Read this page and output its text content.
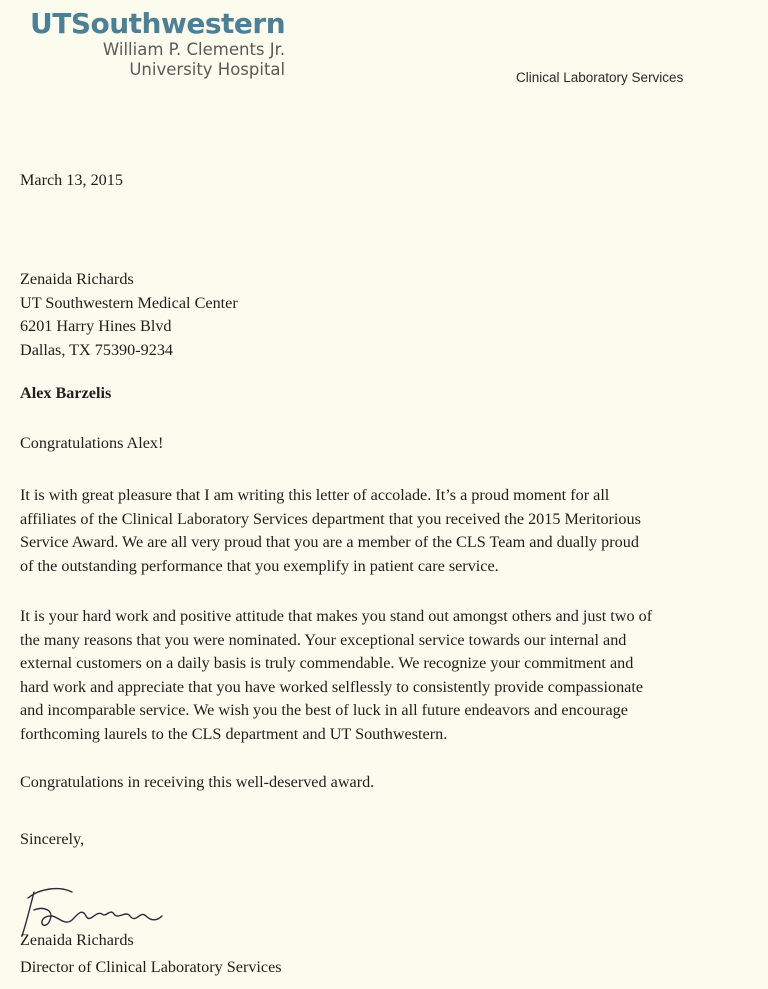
UTSouthwestern
William P. Clements Jr.
University Hospital	Clinical Laboratory Services
March 13, 2015
Zenaida Richards
UT Southwestern Medical Center
6201 Harry Hines Blvd
Dallas, TX 75390-9234
Alex Barzelis
Congratulations Alex!
It is with great pleasure that I am writing this letter of accolade. It’s a proud moment for all
affiliates of the Clinical Laboratory Services department that you received the 2015 Meritorious
Service Award. We are all very proud that you are a member of the CLS Team and dually proud
of the outstanding performance that you exemplify in patient care service.
It is your hard work and positive attitude that makes you stand out amongst others and just two of
the many reasons that you were nominated. Your exceptional service towards our internal and
external customers on a daily basis is truly commendable. We recognize your commitment and
hard work and appreciate that you have worked selflessly to consistently provide compassionate
and incomparable service. We wish you the best of luck in all future endeavors and encourage
forthcoming laurels to the CLS department and UT Southwestern.
Congratulations in receiving this well-deserved award.
Sincerely,
Zenaida Richards
Director of Clinical Laboratory Services
